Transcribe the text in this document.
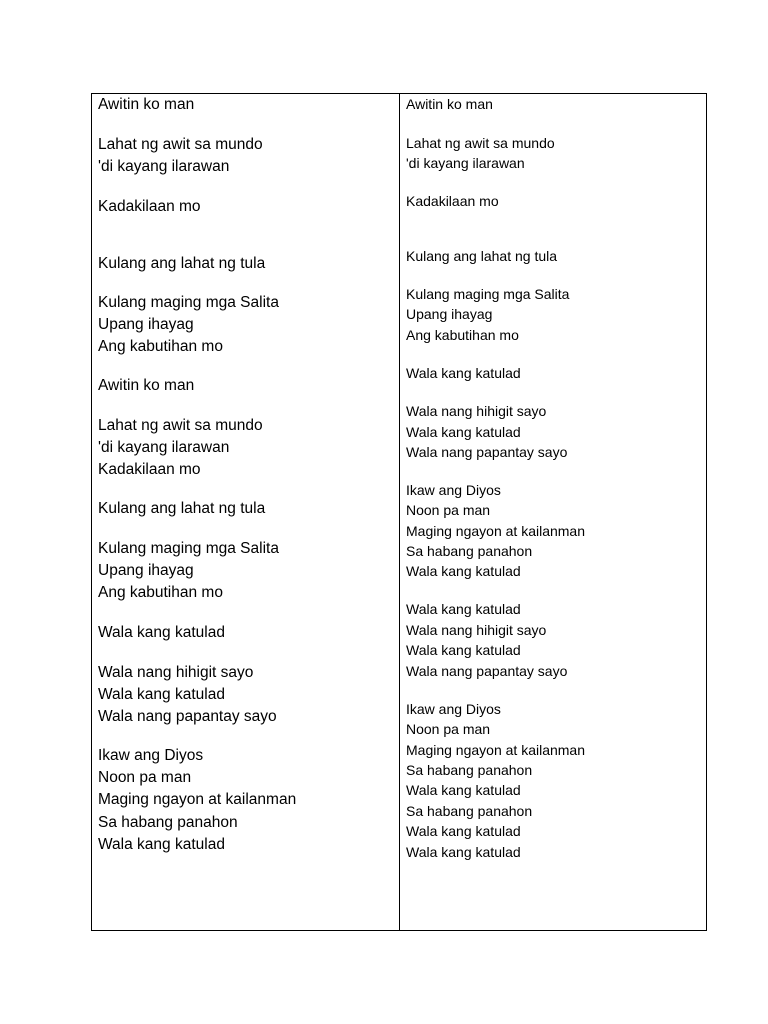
Awitin ko man
Lahat ng awit sa mundo
'di kayang ilarawan
Kadakilaan mo
Kulang ang lahat ng tula
Kulang maging mga Salita
Upang ihayag
Ang kabutihan mo
Awitin ko man
Lahat ng awit sa mundo
'di kayang ilarawan
Kadakilaan mo
Kulang ang lahat ng tula
Kulang maging mga Salita
Upang ihayag
Ang kabutihan mo
Wala kang katulad
Wala nang hihigit sayo
Wala kang katulad
Wala nang papantay sayo
Ikaw ang Diyos
Noon pa man
Maging ngayon at kailanman
Sa habang panahon
Wala kang katulad
Awitin ko man
Lahat ng awit sa mundo
'di kayang ilarawan
Kadakilaan mo
Kulang ang lahat ng tula
Kulang maging mga Salita
Upang ihayag
Ang kabutihan mo
Wala kang katulad
Wala nang hihigit sayo
Wala kang katulad
Wala nang papantay sayo
Ikaw ang Diyos
Noon pa man
Maging ngayon at kailanman
Sa habang panahon
Wala kang katulad
Wala kang katulad
Wala nang hihigit sayo
Wala kang katulad
Wala nang papantay sayo
Ikaw ang Diyos
Noon pa man
Maging ngayon at kailanman
Sa habang panahon
Wala kang katulad
Sa habang panahon
Wala kang katulad
Wala kang katulad
